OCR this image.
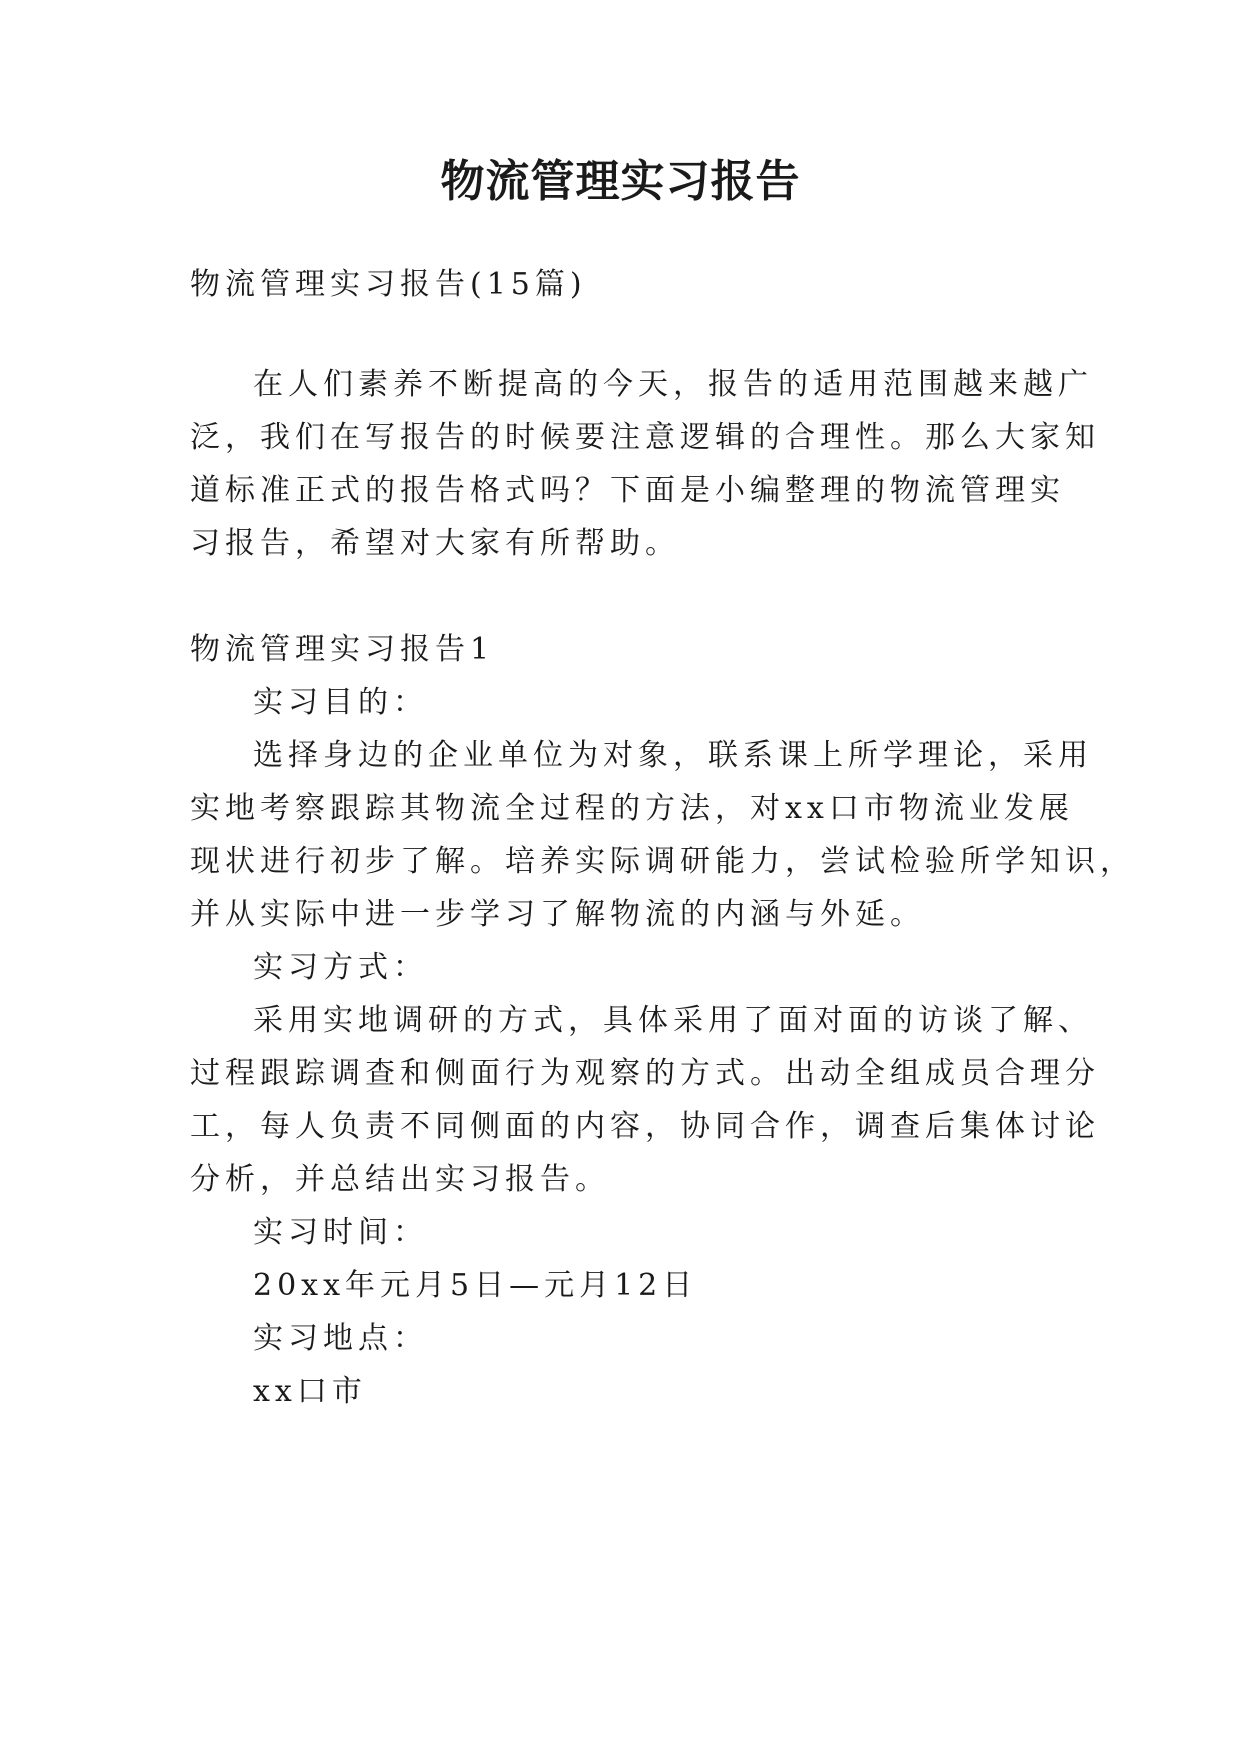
物流管理实习报告

物流管理实习报告(15篇)

在人们素养不断提高的今天，报告的适用范围越来越广

泛，我们在写报告的时候要注意逻辑的合理性。那么大家知

道标准正式的报告格式吗？下面是小编整理的物流管理实

习报告，希望对大家有所帮助。

物流管理实习报告1

实习目的：

选择身边的企业单位为对象，联系课上所学理论，采用

实地考察跟踪其物流全过程的方法，对xx口市物流业发展

现状进行初步了解。培养实际调研能力，尝试检验所学知识，

并从实际中进一步学习了解物流的内涵与外延。

实习方式：

采用实地调研的方式，具体采用了面对面的访谈了解、

过程跟踪调查和侧面行为观察的方式。出动全组成员合理分

工，每人负责不同侧面的内容，协同合作，调查后集体讨论

分析，并总结出实习报告。

实习时间：

20xx年元月5日—元月12日

实习地点：

xx口市
